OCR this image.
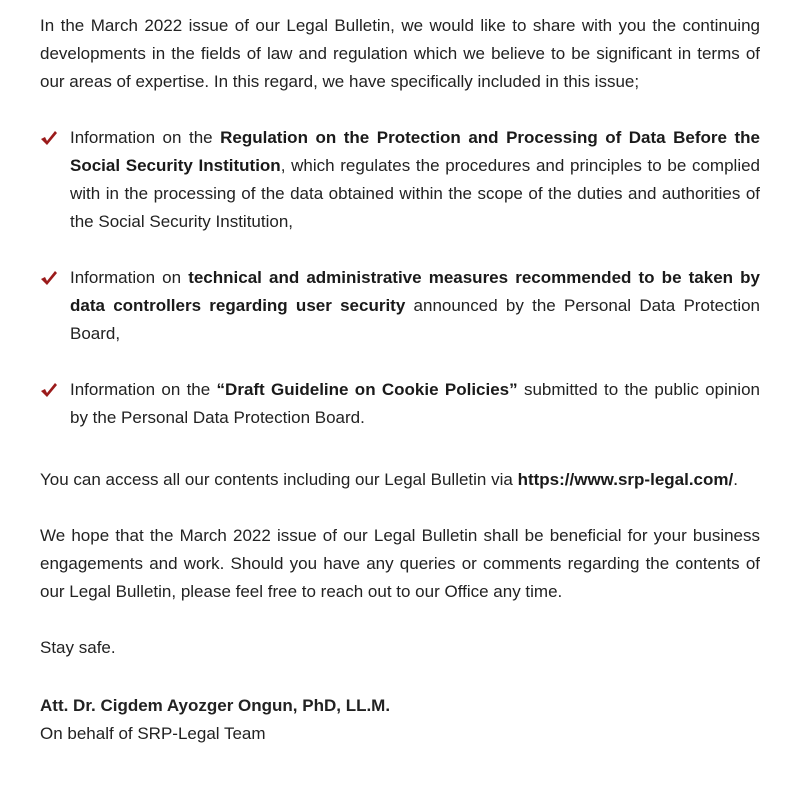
In the March 2022 issue of our Legal Bulletin, we would like to share with you the continuing developments in the fields of law and regulation which we believe to be significant in terms of our areas of expertise. In this regard, we have specifically included in this issue;

Information on the Regulation on the Protection and Processing of Data Before the Social Security Institution, which regulates the procedures and principles to be complied with in the processing of the data obtained within the scope of the duties and authorities of the Social Security Institution,
Information on technical and administrative measures recommended to be taken by data controllers regarding user security announced by the Personal Data Protection Board,
Information on the “Draft Guideline on Cookie Policies” submitted to the public opinion by the Personal Data Protection Board.

You can access all our contents including our Legal Bulletin via https://www.srp-legal.com/.

We hope that the March 2022 issue of our Legal Bulletin shall be beneficial for your business engagements and work. Should you have any queries or comments regarding the contents of our Legal Bulletin, please feel free to reach out to our Office any time.

Stay safe.

Att. Dr. Cigdem Ayozger Ongun, PhD, LL.M.

On behalf of SRP-Legal Team
